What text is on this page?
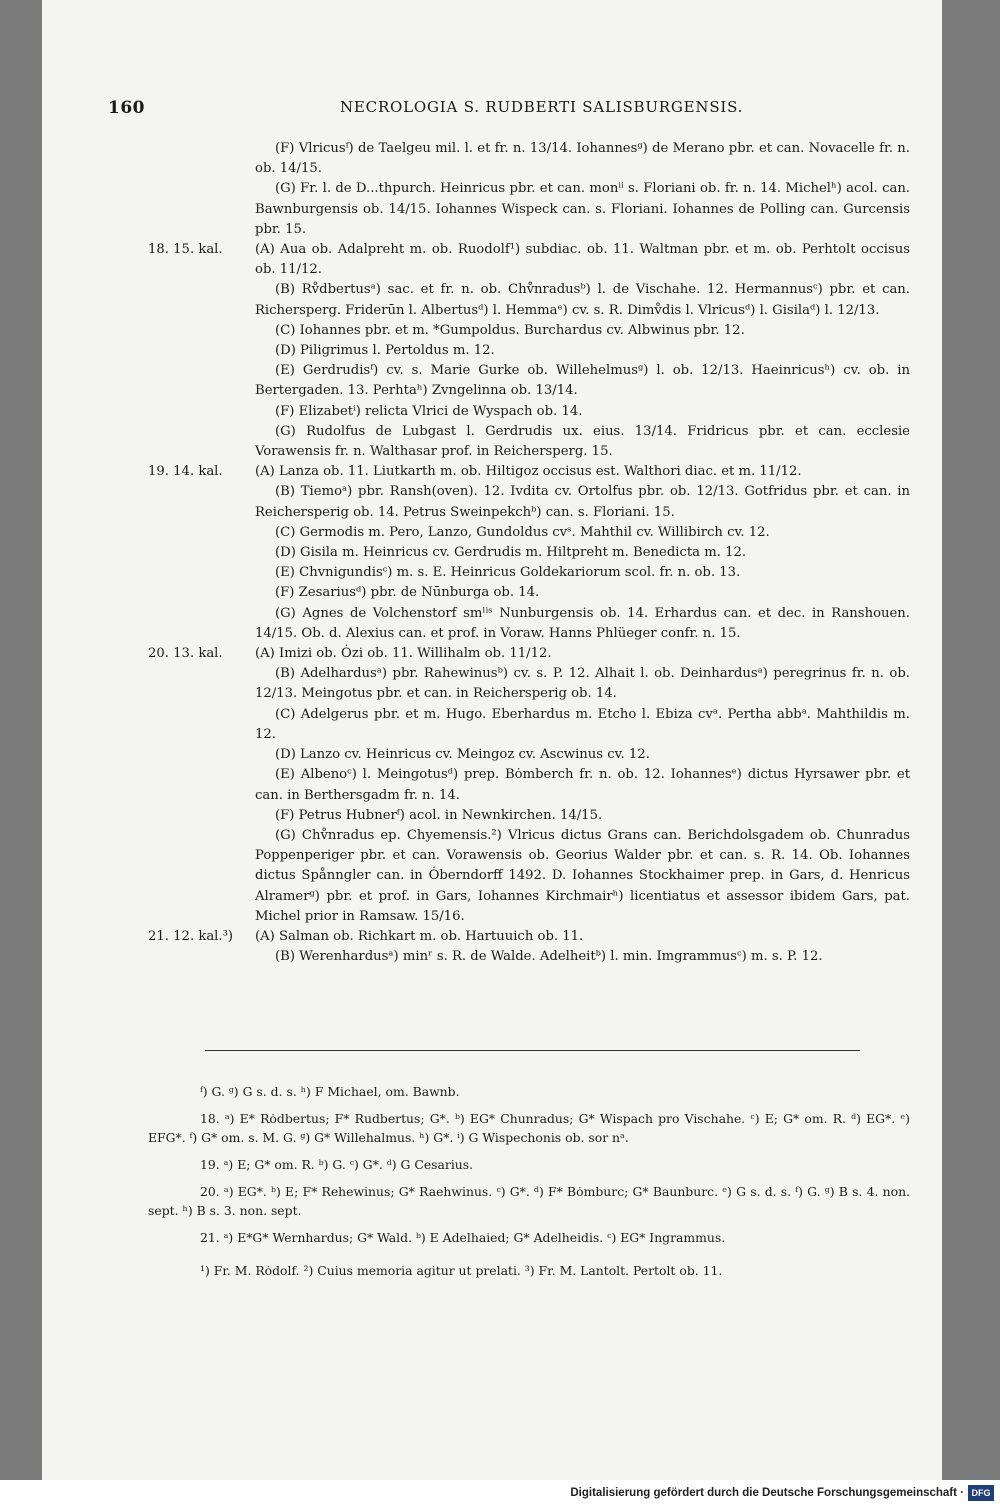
160	NECROLOGIA S. RUDBERTI SALISBURGENSIS.

(F) Vlricusᶠ) de Taelgeu mil. l. et fr. n. 13/14. Iohannesᵍ) de Merano pbr. et can. Novacelle fr. n. ob. 14/15.

(G) Fr. l. de D...thpurch. Heinricus pbr. et can. monⁱⁱ s. Floriani ob. fr. n. 14. Michelʰ) acol. can. Bawnburgensis ob. 14/15. Iohannes Wispeck can. s. Floriani. Iohannes de Polling can. Gurcensis pbr. 15.

18. 15. kal.	(A) Aua ob. Adalpreht m. ob. Ruodolf¹) subdiac. ob. 11. Waltman pbr. et m. ob. Perhtolt occisus ob. 11/12.

(B) Rv̊dbertusᵃ) sac. et fr. n. ob. Chv̊nradusᵇ) l. de Vischahe. 12. Hermannusᶜ) pbr. et can. Richersperg. Friderūn l. Albertusᵈ) l. Hemmaᵉ) cv. s. R. Dimv̊dis l. Vlricusᵈ) l. Gisilaᵈ) l. 12/13.

(C) Iohannes pbr. et m. *Gumpoldus. Burchardus cv. Albwinus pbr. 12.

(D) Piligrimus l. Pertoldus m. 12.

(E) Gerdrudisᶠ) cv. s. Marie Gurke ob. Willehelmusᵍ) l. ob. 12/13. Haeinricusʰ) cv. ob. in Bertergaden. 13. Perhtaʰ) Zvngelinna ob. 13/14.

(F) Elizabetⁱ) relicta Vlrici de Wyspach ob. 14.

(G) Rudolfus de Lubgast l. Gerdrudis ux. eius. 13/14. Fridricus pbr. et can. ecclesie Vorawensis fr. n. Walthasar prof. in Reichersperg. 15.

19. 14. kal.	(A) Lanza ob. 11. Liutkarth m. ob. Hiltigoz occisus est. Walthori diac. et m. 11/12.

(B) Tiemoᵃ) pbr. Ransh(oven). 12. Ivdita cv. Ortolfus pbr. ob. 12/13. Gotfridus pbr. et can. in Reichersperig ob. 14. Petrus Sweinpekchᵇ) can. s. Floriani. 15.

(C) Germodis m. Pero, Lanzo, Gundoldus cvˢ. Mahthil cv. Willibirch cv. 12.

(D) Gisila m. Heinricus cv. Gerdrudis m. Hiltpreht m. Benedicta m. 12.

(E) Chvnigundisᶜ) m. s. E. Heinricus Goldekariorum scol. fr. n. ob. 13.

(F) Zesariusᵈ) pbr. de Nūnburga ob. 14.

(G) Agnes de Volchenstorf smˡⁱˢ Nunburgensis ob. 14. Erhardus can. et dec. in Ranshouen. 14/15. Ob. d. Alexius can. et prof. in Voraw. Hanns Phlüeger confr. n. 15.

20. 13. kal.	(A) Imizi ob. Ȯzi ob. 11. Willihalm ob. 11/12.

(B) Adelhardusᵃ) pbr. Rahewinusᵇ) cv. s. P. 12. Alhait l. ob. Deinhardusᵃ) peregrinus fr. n. ob. 12/13. Meingotus pbr. et can. in Reichersperig ob. 14.

(C) Adelgerus pbr. et m. Hugo. Eberhardus m. Etcho l. Ebiza cvᵃ. Pertha abbᵃ. Mahthildis m. 12.

(D) Lanzo cv. Heinricus cv. Meingoz cv. Ascwinus cv. 12.

(E) Albenoᶜ) l. Meingotusᵈ) prep. Bȯmberch fr. n. ob. 12. Iohannesᵉ) dictus Hyrsawer pbr. et can. in Berthersgadm fr. n. 14.

(F) Petrus Hubnerᶠ) acol. in Newnkirchen. 14/15.

(G) Chv̊nradus ep. Chyemensis.²) Vlricus dictus Grans can. Berichdolsgadem ob. Chunradus Poppenperiger pbr. et can. Vorawensis ob. Georius Walder pbr. et can. s. R. 14. Ob. Iohannes dictus Spånngler can. in Ȯberndorff 1492. D. Iohannes Stockhaimer prep. in Gars, d. Henricus Alramerᵍ) pbr. et prof. in Gars, Iohannes Kirchmairʰ) licentiatus et assessor ibidem Gars, pat. Michel prior in Ramsaw. 15/16.

21. 12. kal.³)	(A) Salman ob. Richkart m. ob. Hartuuich ob. 11.

(B) Werenhardusᵃ) minʳ s. R. de Walde. Adelheitᵇ) l. min. Imgrammusᶜ) m. s. P. 12.

ᶠ) G. ᵍ) G s. d. s. ʰ) F Michael, om. Bawnb.

18. ᵃ) E* Rȯdbertus; F* Rudbertus; G*. ᵇ) EG* Chunradus; G* Wispach pro Vischahe. ᶜ) E; G* om. R. ᵈ) EG*. ᵉ) EFG*. ᶠ) G* om. s. M. G. ᵍ) G* Willehalmus. ʰ) G*. ⁱ) G Wispechonis ob. sor nᵃ.

19. ᵃ) E; G* om. R. ᵇ) G. ᶜ) G*. ᵈ) G Cesarius.

20. ᵃ) EG*. ᵇ) E; F* Rehewinus; G* Raehwinus. ᶜ) G*. ᵈ) F* Bȯmburc; G* Baunburc. ᵉ) G s. d. s. ᶠ) G. ᵍ) B s. 4. non. sept. ʰ) B s. 3. non. sept.

21. ᵃ) E*G* Wernhardus; G* Wald. ᵇ) E Adelhaied; G* Adelheidis. ᶜ) EG* Ingrammus.

¹) Fr. M. Rȯdolf. ²) Cuius memoria agitur ut prelati. ³) Fr. M. Lantolt. Pertolt ob. 11.

Digitalisierung gefördert durch die Deutsche Forschungsgemeinschaft · DFG
